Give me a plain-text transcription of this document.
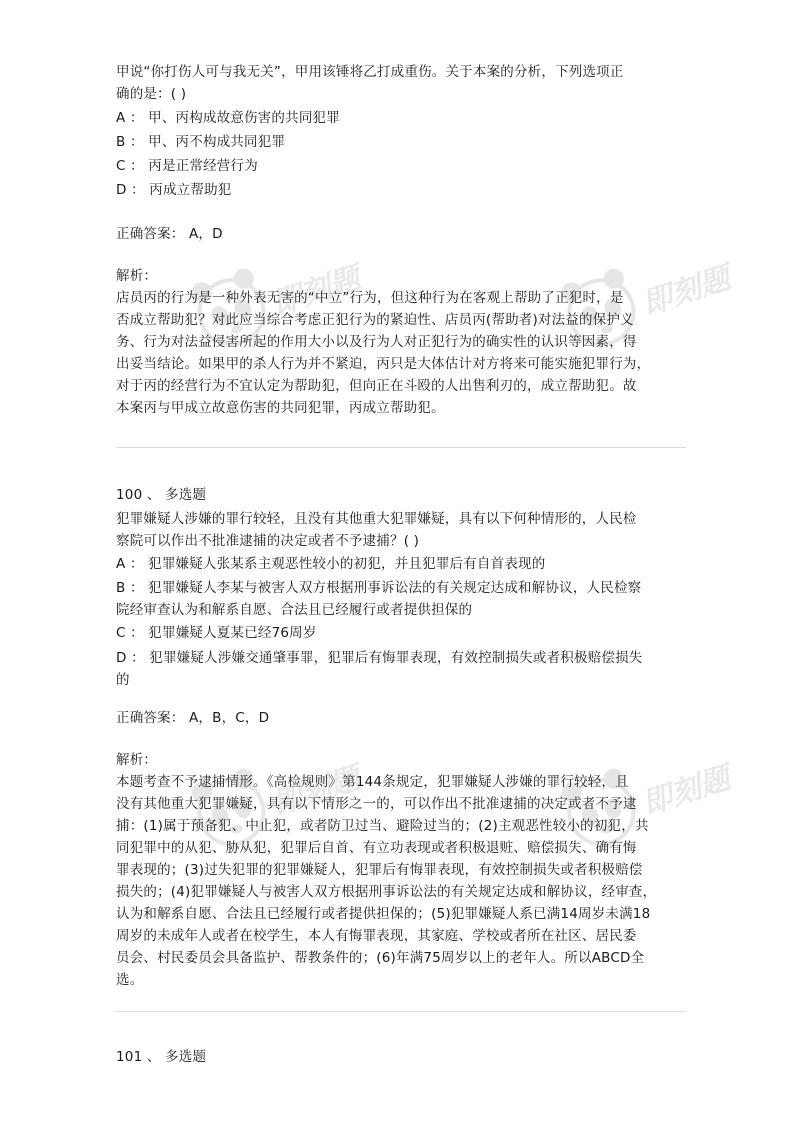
甲说“你打伤人可与我无关”，甲用该锤将乙打成重伤。关于本案的分析，下列选项正
确的是：( )
A ： 甲、丙构成故意伤害的共同犯罪
B ： 甲、丙不构成共同犯罪
C ： 丙是正常经营行为
D ： 丙成立帮助犯
正确答案： A，D
解析：
店员丙的行为是一种外表无害的“中立”行为，但这种行为在客观上帮助了正犯时，是
否成立帮助犯？对此应当综合考虑正犯行为的紧迫性、店员丙(帮助者)对法益的保护义
务、行为对法益侵害所起的作用大小以及行为人对正犯行为的确实性的认识等因素，得
出妥当结论。如果甲的杀人行为并不紧迫，丙只是大体估计对方将来可能实施犯罪行为，
对于丙的经营行为不宜认定为帮助犯，但向正在斗殴的人出售利刃的，成立帮助犯。故
本案丙与甲成立故意伤害的共同犯罪，丙成立帮助犯。
100 、 多选题
犯罪嫌疑人涉嫌的罪行较轻，且没有其他重大犯罪嫌疑，具有以下何种情形的，人民检
察院可以作出不批准逮捕的决定或者不予逮捕？( )
A ： 犯罪嫌疑人张某系主观恶性较小的初犯，并且犯罪后有自首表现的
B ： 犯罪嫌疑人李某与被害人双方根据刑事诉讼法的有关规定达成和解协议，人民检察
院经审查认为和解系自愿、合法且已经履行或者提供担保的
C ： 犯罪嫌疑人夏某已经76周岁
D ： 犯罪嫌疑人涉嫌交通肇事罪，犯罪后有悔罪表现，有效控制损失或者积极赔偿损失
的
正确答案： A，B，C，D
解析：
本题考查不予逮捕情形。《高检规则》第144条规定，犯罪嫌疑人涉嫌的罪行较轻，且
没有其他重大犯罪嫌疑，具有以下情形之一的，可以作出不批准逮捕的决定或者不予逮
捕：(1)属于预备犯、中止犯，或者防卫过当、避险过当的；(2)主观恶性较小的初犯，共
同犯罪中的从犯、胁从犯，犯罪后自首、有立功表现或者积极退赃、赔偿损失、确有悔
罪表现的；(3)过失犯罪的犯罪嫌疑人，犯罪后有悔罪表现，有效控制损失或者积极赔偿
损失的；(4)犯罪嫌疑人与被害人双方根据刑事诉讼法的有关规定达成和解协议，经审查，
认为和解系自愿、合法且已经履行或者提供担保的；(5)犯罪嫌疑人系已满14周岁未满18
周岁的未成年人或者在校学生，本人有悔罪表现，其家庭、学校或者所在社区、居民委
员会、村民委员会具备监护、帮教条件的；(6)年满75周岁以上的老年人。所以ABCD全
选。
101 、 多选题
即刻题	即刻题
即刻题	即刻题
